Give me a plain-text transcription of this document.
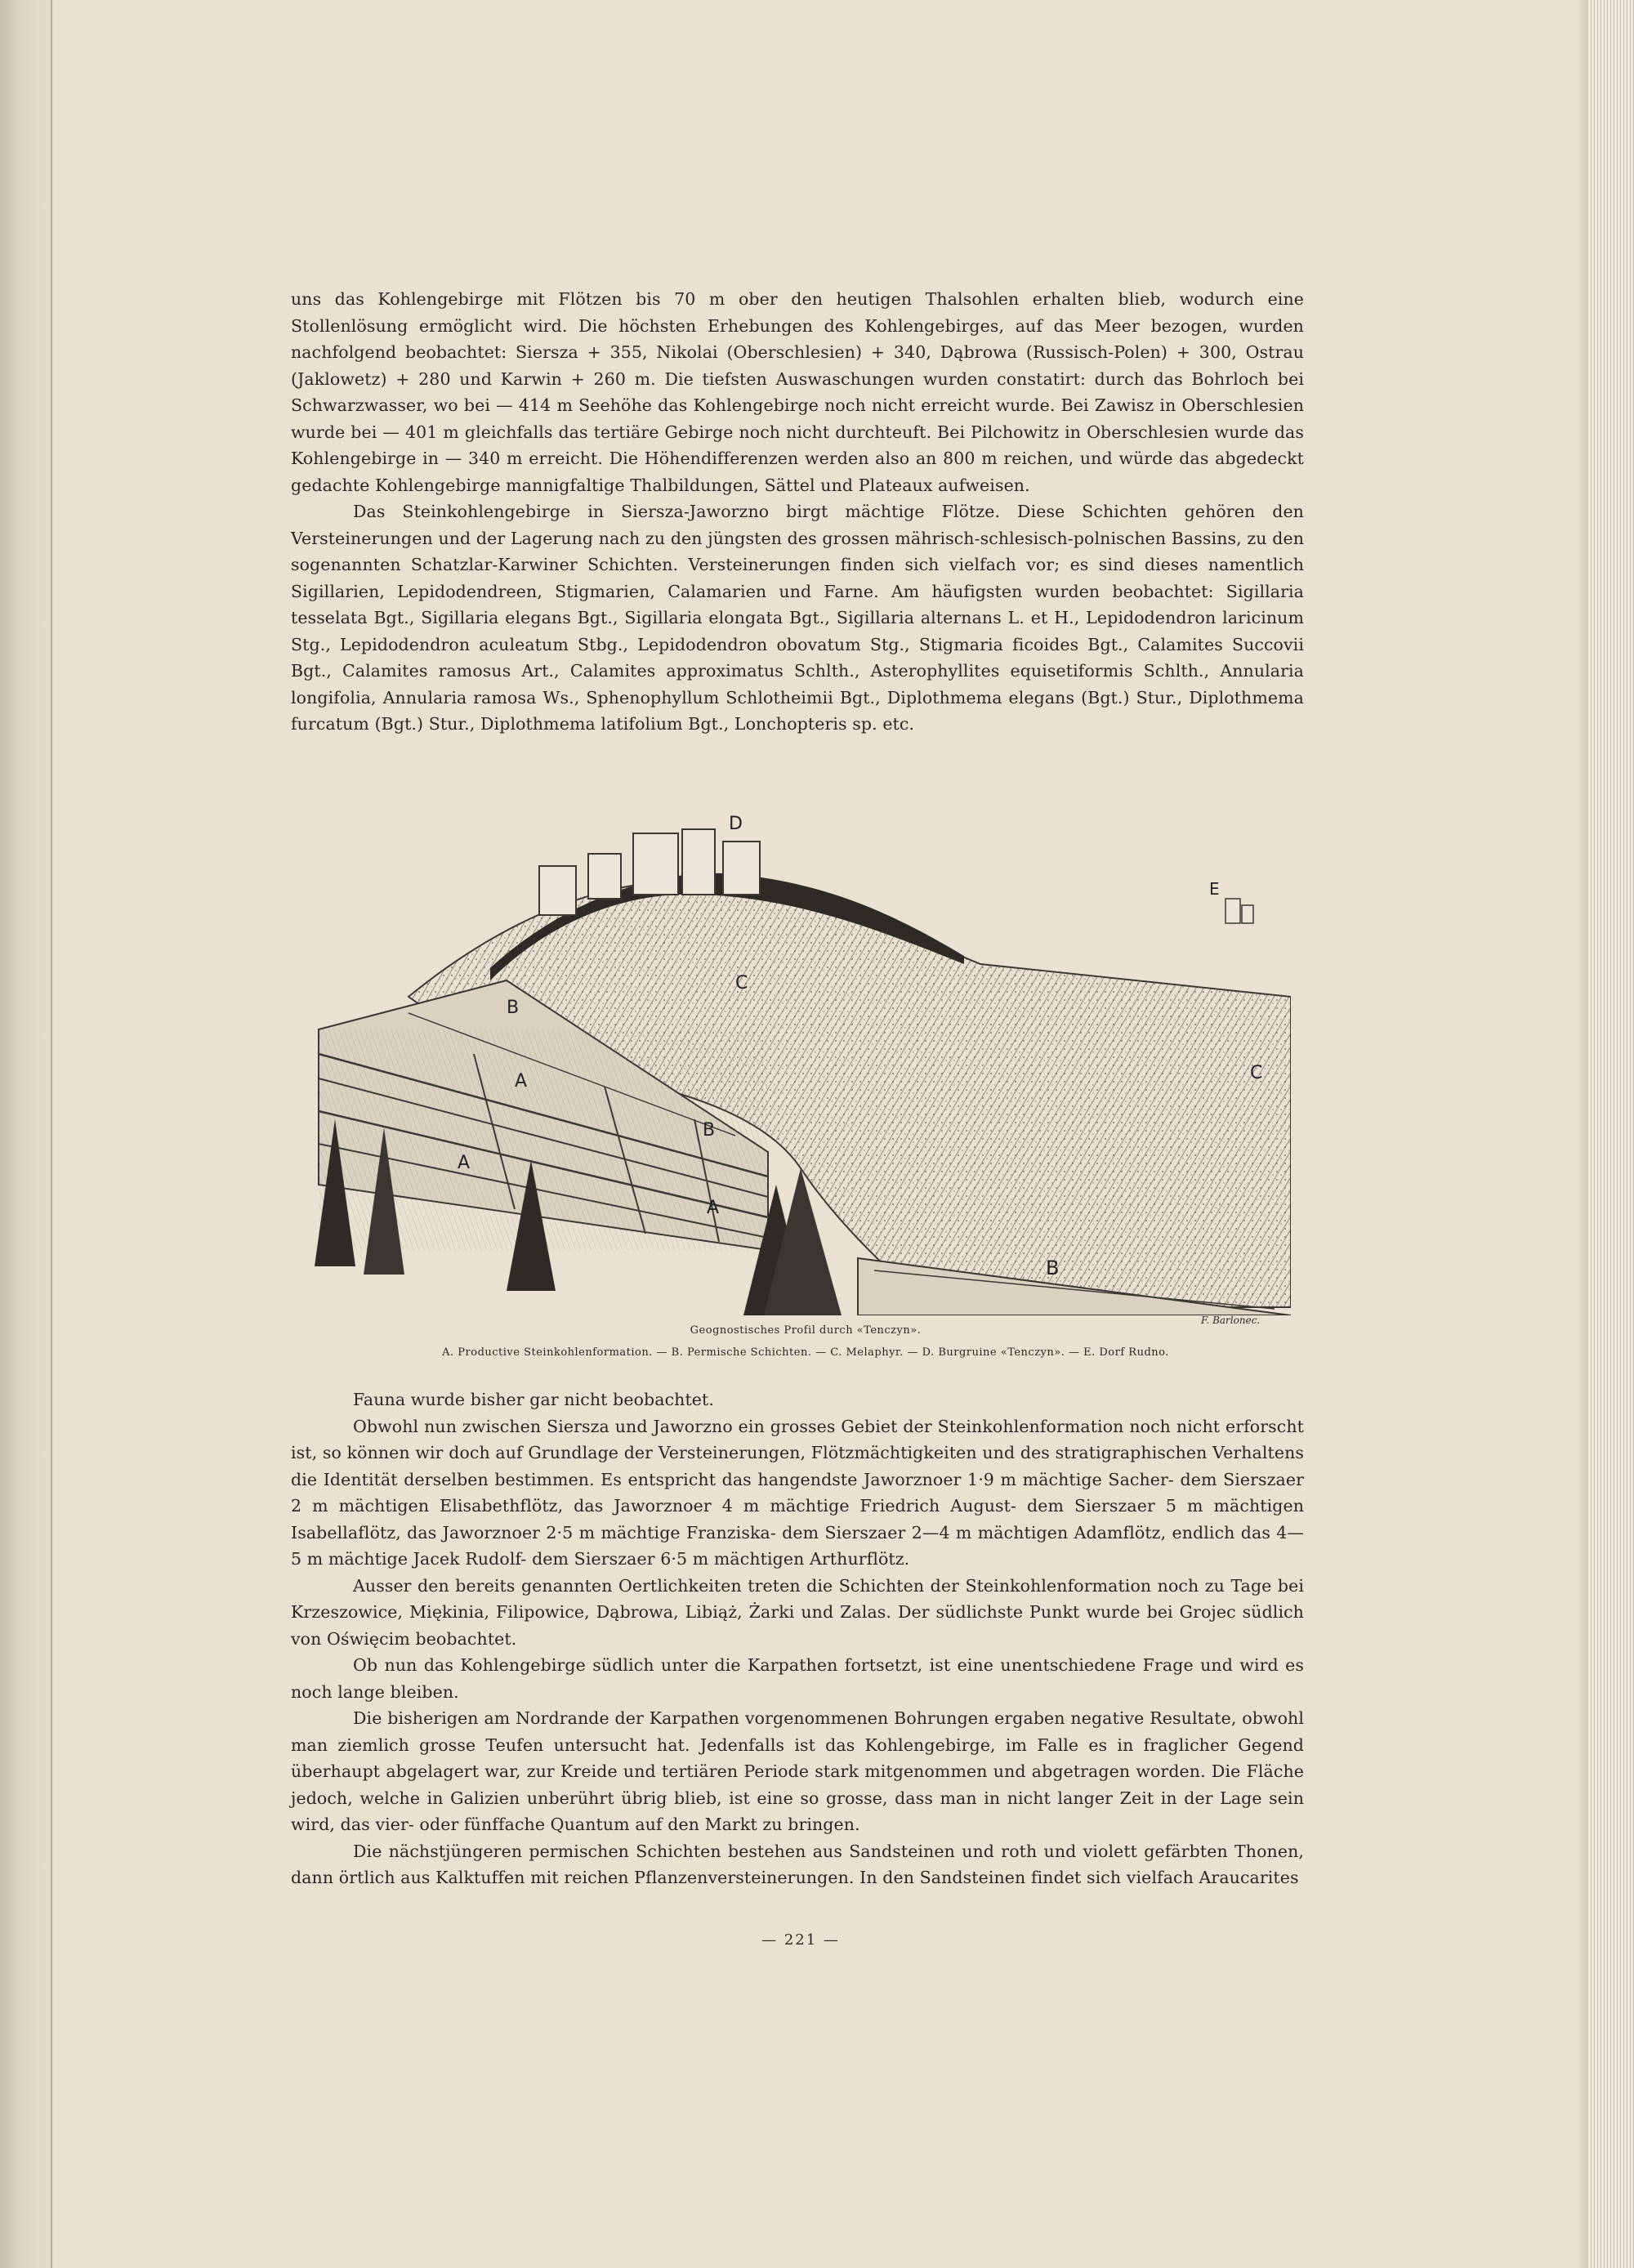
uns das Kohlengebirge mit Flötzen bis 70 m ober den heutigen Thalsohlen erhalten blieb, wodurch eine Stollenlösung ermöglicht wird. Die höchsten Erhebungen des Kohlengebirges, auf das Meer bezogen, wurden nachfolgend beobachtet: Siersza + 355, Nikolai (Oberschlesien) + 340, Dąbrowa (Russisch-Polen) + 300, Ostrau (Jaklowetz) + 280 und Karwin + 260 m. Die tiefsten Auswaschungen wurden constatirt: durch das Bohrloch bei Schwarzwasser, wo bei — 414 m Seehöhe das Kohlengebirge noch nicht erreicht wurde. Bei Zawisz in Oberschlesien wurde bei — 401 m gleichfalls das tertiäre Gebirge noch nicht durchteuft. Bei Pilchowitz in Oberschlesien wurde das Kohlengebirge in — 340 m erreicht. Die Höhendifferenzen werden also an 800 m reichen, und würde das abgedeckt gedachte Kohlengebirge mannigfaltige Thalbildungen, Sättel und Plateaux aufweisen.

Das Steinkohlengebirge in Siersza-Jaworzno birgt mächtige Flötze. Diese Schichten gehören den Versteinerungen und der Lagerung nach zu den jüngsten des grossen mährisch-schlesisch-polnischen Bassins, zu den sogenannten Schatzlar-Karwiner Schichten. Versteinerungen finden sich vielfach vor; es sind dieses namentlich Sigillarien, Lepidodendreen, Stigmarien, Calamarien und Farne. Am häufigsten wurden beobachtet: Sigillaria tesselata Bgt., Sigillaria elegans Bgt., Sigillaria elongata Bgt., Sigillaria alternans L. et H., Lepidodendron laricinum Stg., Lepidodendron aculeatum Stbg., Lepidodendron obovatum Stg., Stigmaria ficoides Bgt., Calamites Succovii Bgt., Calamites ramosus Art., Calamites approximatus Schlth., Asterophyllites equisetiformis Schlth., Annularia longifolia, Annularia ramosa Ws., Sphenophyllum Schlotheimii Bgt., Diplothmema elegans (Bgt.) Stur., Diplothmema furcatum (Bgt.) Stur., Diplothmema latifolium Bgt., Lonchopteris sp. etc.

D
E
C
C
B
B
B
A
A
A
F. Barlonec.
Geognostisches Profil durch «Tenczyn».
A. Productive Steinkohlenformation. — B. Permische Schichten. — C. Melaphyr. — D. Burgruine «Tenczyn». — E. Dorf Rudno.

Fauna wurde bisher gar nicht beobachtet.

Obwohl nun zwischen Siersza und Jaworzno ein grosses Gebiet der Steinkohlenformation noch nicht erforscht ist, so können wir doch auf Grundlage der Versteinerungen, Flötzmächtigkeiten und des stratigraphischen Verhaltens die Identität derselben bestimmen. Es entspricht das hangendste Jaworznoer 1·9 m mächtige Sacher- dem Sierszaer 2 m mächtigen Elisabethflötz, das Jaworznoer 4 m mächtige Friedrich August- dem Sierszaer 5 m mächtigen Isabellaflötz, das Jaworznoer 2·5 m mächtige Franziska- dem Sierszaer 2—4 m mächtigen Adamflötz, endlich das 4—5 m mächtige Jacek Rudolf- dem Sierszaer 6·5 m mächtigen Arthurflötz.

Ausser den bereits genannten Oertlichkeiten treten die Schichten der Steinkohlenformation noch zu Tage bei Krzeszowice, Miękinia, Filipowice, Dąbrowa, Libiąż, Żarki und Zalas. Der südlichste Punkt wurde bei Grojec südlich von Oświęcim beobachtet.

Ob nun das Kohlengebirge südlich unter die Karpathen fortsetzt, ist eine unentschiedene Frage und wird es noch lange bleiben.

Die bisherigen am Nordrande der Karpathen vorgenommenen Bohrungen ergaben negative Resultate, obwohl man ziemlich grosse Teufen untersucht hat. Jedenfalls ist das Kohlengebirge, im Falle es in fraglicher Gegend überhaupt abgelagert war, zur Kreide und tertiären Periode stark mitgenommen und abgetragen worden. Die Fläche jedoch, welche in Galizien unberührt übrig blieb, ist eine so grosse, dass man in nicht langer Zeit in der Lage sein wird, das vier- oder fünffache Quantum auf den Markt zu bringen.

Die nächstjüngeren permischen Schichten bestehen aus Sandsteinen und roth und violett gefärbten Thonen, dann örtlich aus Kalktuffen mit reichen Pflanzenversteinerungen. In den Sandsteinen findet sich vielfach Araucarites

— 221 —
